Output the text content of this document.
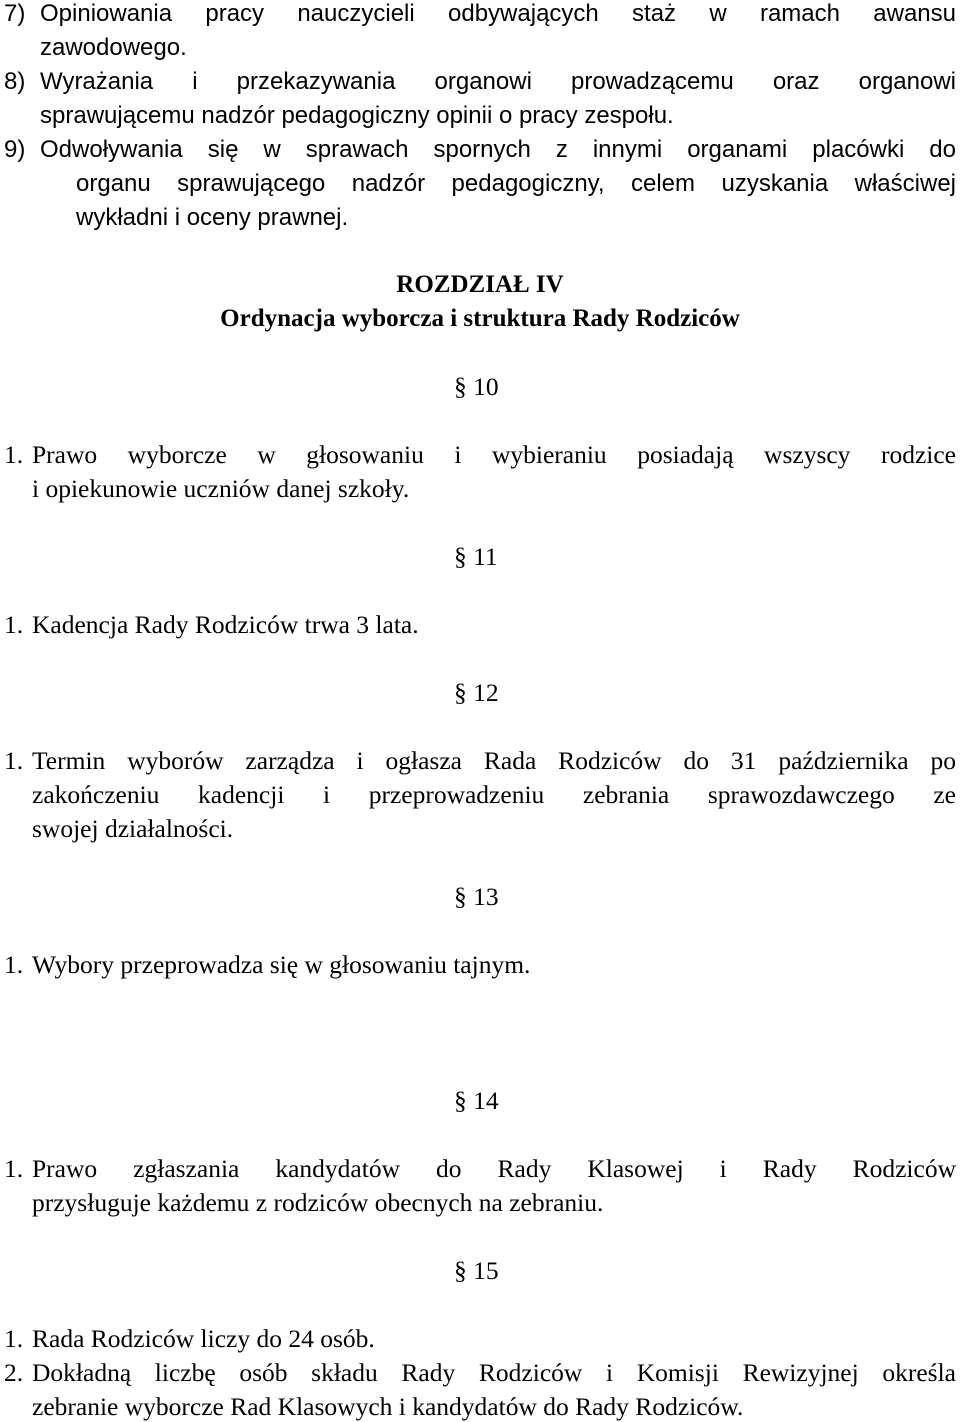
7) Opiniowania pracy nauczycieli odbywających staż w ramach awansu
zawodowego.
8) Wyrażania i przekazywania organowi prowadzącemu oraz organowi
sprawującemu nadzór pedagogiczny opinii o pracy zespołu.
9) Odwoływania się w sprawach spornych z innymi organami placówki do
organu sprawującego nadzór pedagogiczny, celem uzyskania właściwej
wykładni i oceny prawnej.
ROZDZIAŁ IV
Ordynacja wyborcza i struktura Rady Rodziców
§ 10
1. Prawo wyborcze w głosowaniu i wybieraniu posiadają wszyscy rodzice
i opiekunowie uczniów danej szkoły.
§ 11
1. Kadencja Rady Rodziców trwa 3 lata.
§ 12
1. Termin wyborów zarządza i ogłasza Rada Rodziców do 31 października po
zakończeniu kadencji i przeprowadzeniu zebrania sprawozdawczego ze
swojej działalności.
§ 13
1. Wybory przeprowadza się w głosowaniu tajnym.
§ 14
1. Prawo zgłaszania kandydatów do Rady Klasowej i Rady Rodziców
przysługuje każdemu z rodziców obecnych na zebraniu.
§ 15
1. Rada Rodziców liczy do 24 osób.
2. Dokładną liczbę osób składu Rady Rodziców i Komisji Rewizyjnej określa
zebranie wyborcze Rad Klasowych i kandydatów do Rady Rodziców.
